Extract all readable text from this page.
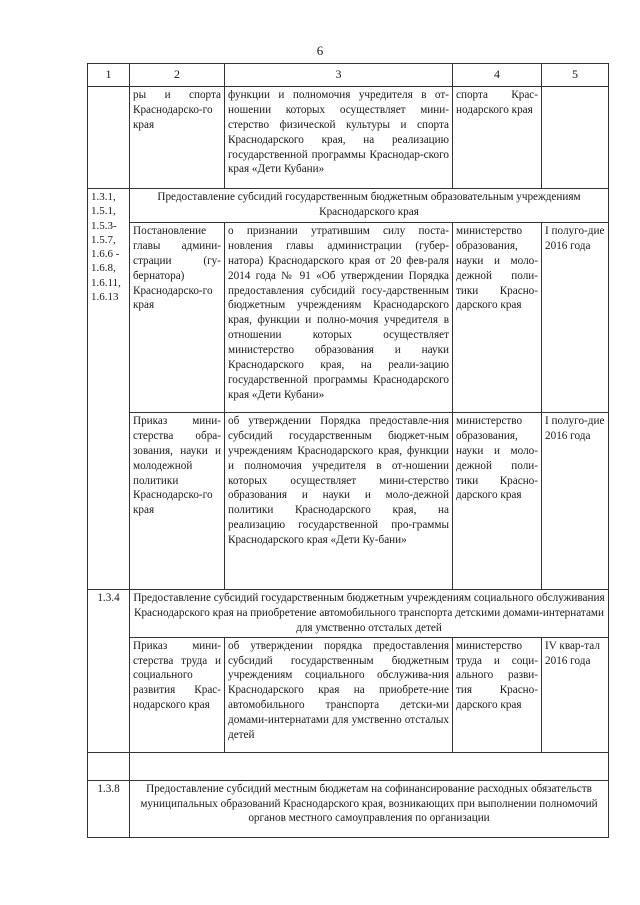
6
1	2	3	4	5
	ры и спорта Краснодарско-го края	функции и полномочия учредителя в от-ношении которых осуществляет мини-стерство физической культуры и спорта Краснодарского края, на реализацию государственной программы Краснодар-ского края «Дети Кубани»	спорта Крас-нодарского края	
1.3.1, 1.5.1, 1.5.3-1.5.7, 1.6.6 - 1.6.8, 1.6.11, 1.6.13	Предоставление субсидий государственным бюджетным образовательным учреждениям Краснодарского края			
	Постановление главы админи-страции (гу-бернатора) Краснодарско-го края	о признании утратившим силу поста-новления главы администрации (губер-натора) Краснодарского края от 20 фев-раля 2014 года № 91 «Об утверждении Порядка предоставления субсидий госу-дарственным бюджетным учреждениям Краснодарского края, функции и полно-мочия учредителя в отношении которых осуществляет министерство образования и науки Краснодарского края, на реали-зацию государственной программы Краснодарского края «Дети Кубани»	министерство образования, науки и моло-дежной поли-тики Красно-дарского края	I полуго-дие 2016 года
	Приказ мини-стерства обра-зования, науки и молодежной политики Краснодарско-го края	об утверждении Порядка предоставле-ния субсидий государственным бюджет-ным учреждениям Краснодарского края, функции и полномочия учредителя в от-ношении которых осуществляет мини-стерство образования и науки и моло-дежной политики Краснодарского края, на реализацию государственной про-граммы Краснодарского края «Дети Ку-бани»	министерство образования, науки и моло-дежной поли-тики Красно-дарского края	I полуго-дие 2016 года
1.3.4	Предоставление субсидий государственным бюджетным учреждениям социального обслуживания Краснодарского края на приобретение автомобильного транспорта детскими домами-интернатами для умственно отсталых детей			
	Приказ мини-стерства труда и социального развития Крас-нодарского края	об утверждении порядка предоставления субсидий государственным бюджетным учреждениям социального обслужива-ния Краснодарского края на приобрете-ние автомобильного транспорта детски-ми домами-интернатами для умственно отсталых детей	министерство труда и соци-ального разви-тия Красно-дарского края	IV квар-тал 2016 года

1.3.8	Предоставление субсидий местным бюджетам на софинансирование расходных обязательств муниципальных образований Краснодарского края, возникающих при выполнении полномочий органов местного самоуправления по организации			
